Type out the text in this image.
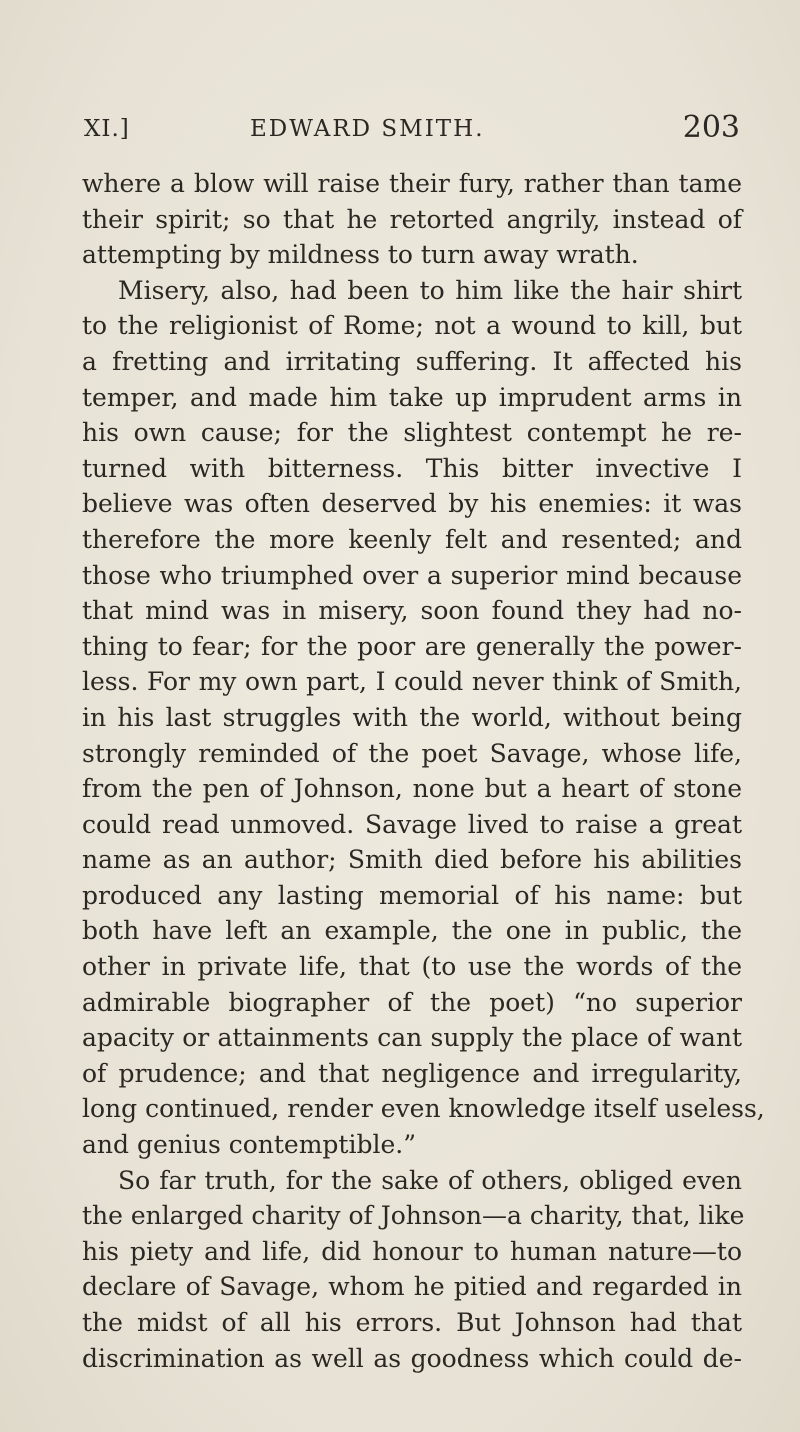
XI.]	EDWARD SMITH.	203
where a blow will raise their fury, rather than tame
their spirit; so that he retorted angrily, instead of
attempting by mildness to turn away wrath.
Misery, also, had been to him like the hair shirt
to the religionist of Rome; not a wound to kill, but
a fretting and irritating suffering. It affected his
temper, and made him take up imprudent arms in
his own cause; for the slightest contempt he re-
turned with bitterness. This bitter invective I
believe was often deserved by his enemies: it was
therefore the more keenly felt and resented; and
those who triumphed over a superior mind because
that mind was in misery, soon found they had no-
thing to fear; for the poor are generally the power-
less. For my own part, I could never think of Smith,
in his last struggles with the world, without being
strongly reminded of the poet Savage, whose life,
from the pen of Johnson, none but a heart of stone
could read unmoved. Savage lived to raise a great
name as an author; Smith died before his abilities
produced any lasting memorial of his name: but
both have left an example, the one in public, the
other in private life, that (to use the words of the
admirable biographer of the poet) “no superior
apacity or attainments can supply the place of want
of prudence; and that negligence and irregularity,
long continued, render even knowledge itself useless,
and genius contemptible.”
So far truth, for the sake of others, obliged even
the enlarged charity of Johnson—a charity, that, like
his piety and life, did honour to human nature—to
declare of Savage, whom he pitied and regarded in
the midst of all his errors. But Johnson had that
discrimination as well as goodness which could de-
